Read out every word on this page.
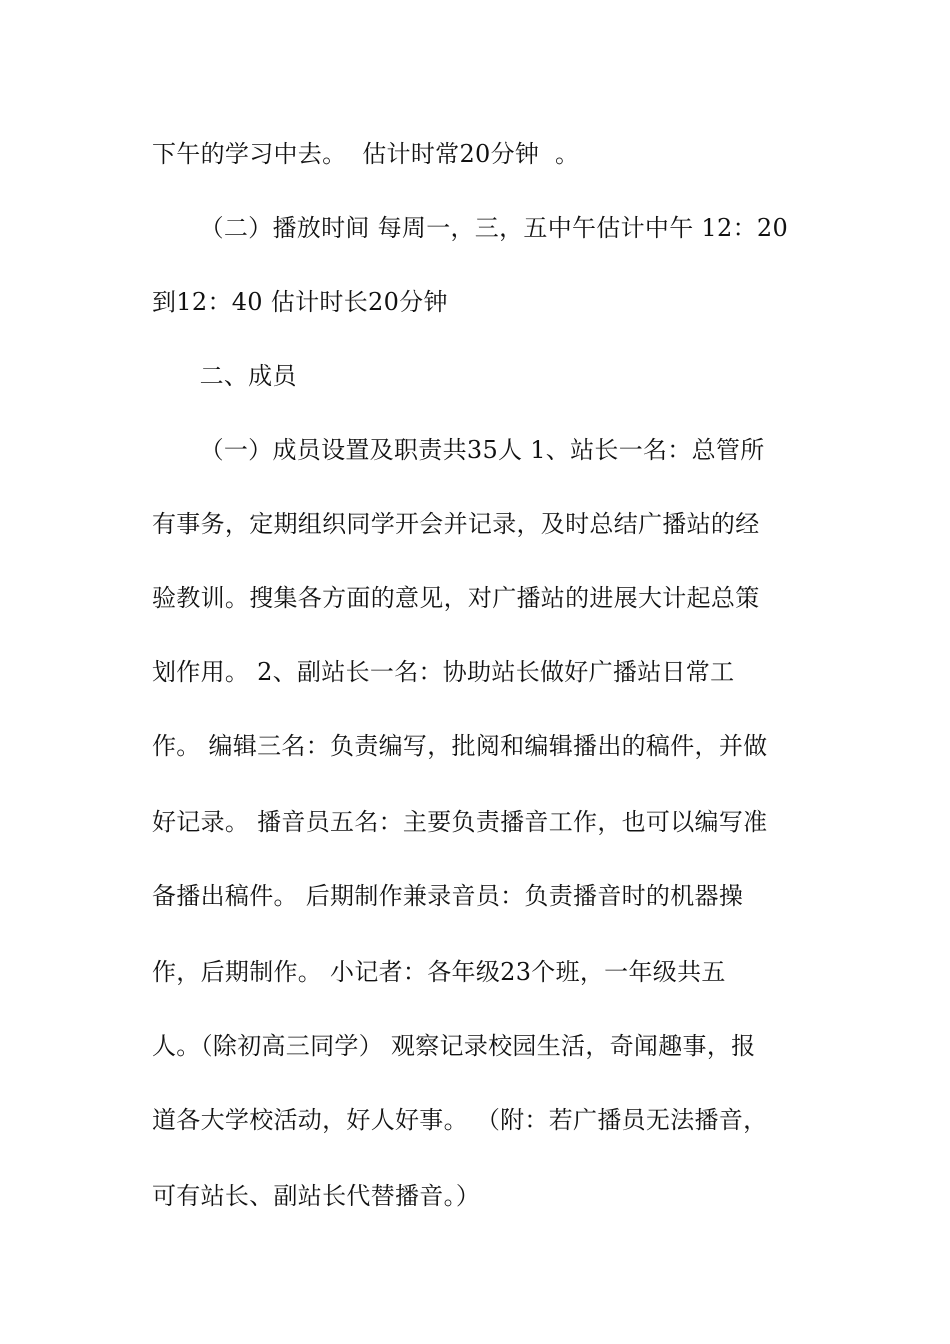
下午的学习中去。  估计时常20分钟  。
（二）播放时间 每周一，三，五中午估计中午 12：20
到12：40 估计时长20分钟
二、成员
（一）成员设置及职责共35人 1、站长一名：总管所
有事务，定期组织同学开会并记录，及时总结广播站的经
验教训。搜集各方面的意见，对广播站的进展大计起总策
划作用。 2、副站长一名：协助站长做好广播站日常工
作。 编辑三名：负责编写，批阅和编辑播出的稿件，并做
好记录。 播音员五名：主要负责播音工作，也可以编写准
备播出稿件。 后期制作兼录音员：负责播音时的机器操
作，后期制作。 小记者：各年级23个班，一年级共五
人。（除初高三同学） 观察记录校园生活，奇闻趣事，报
道各大学校活动，好人好事。 （附：若广播员无法播音，
可有站长、副站长代替播音。）
